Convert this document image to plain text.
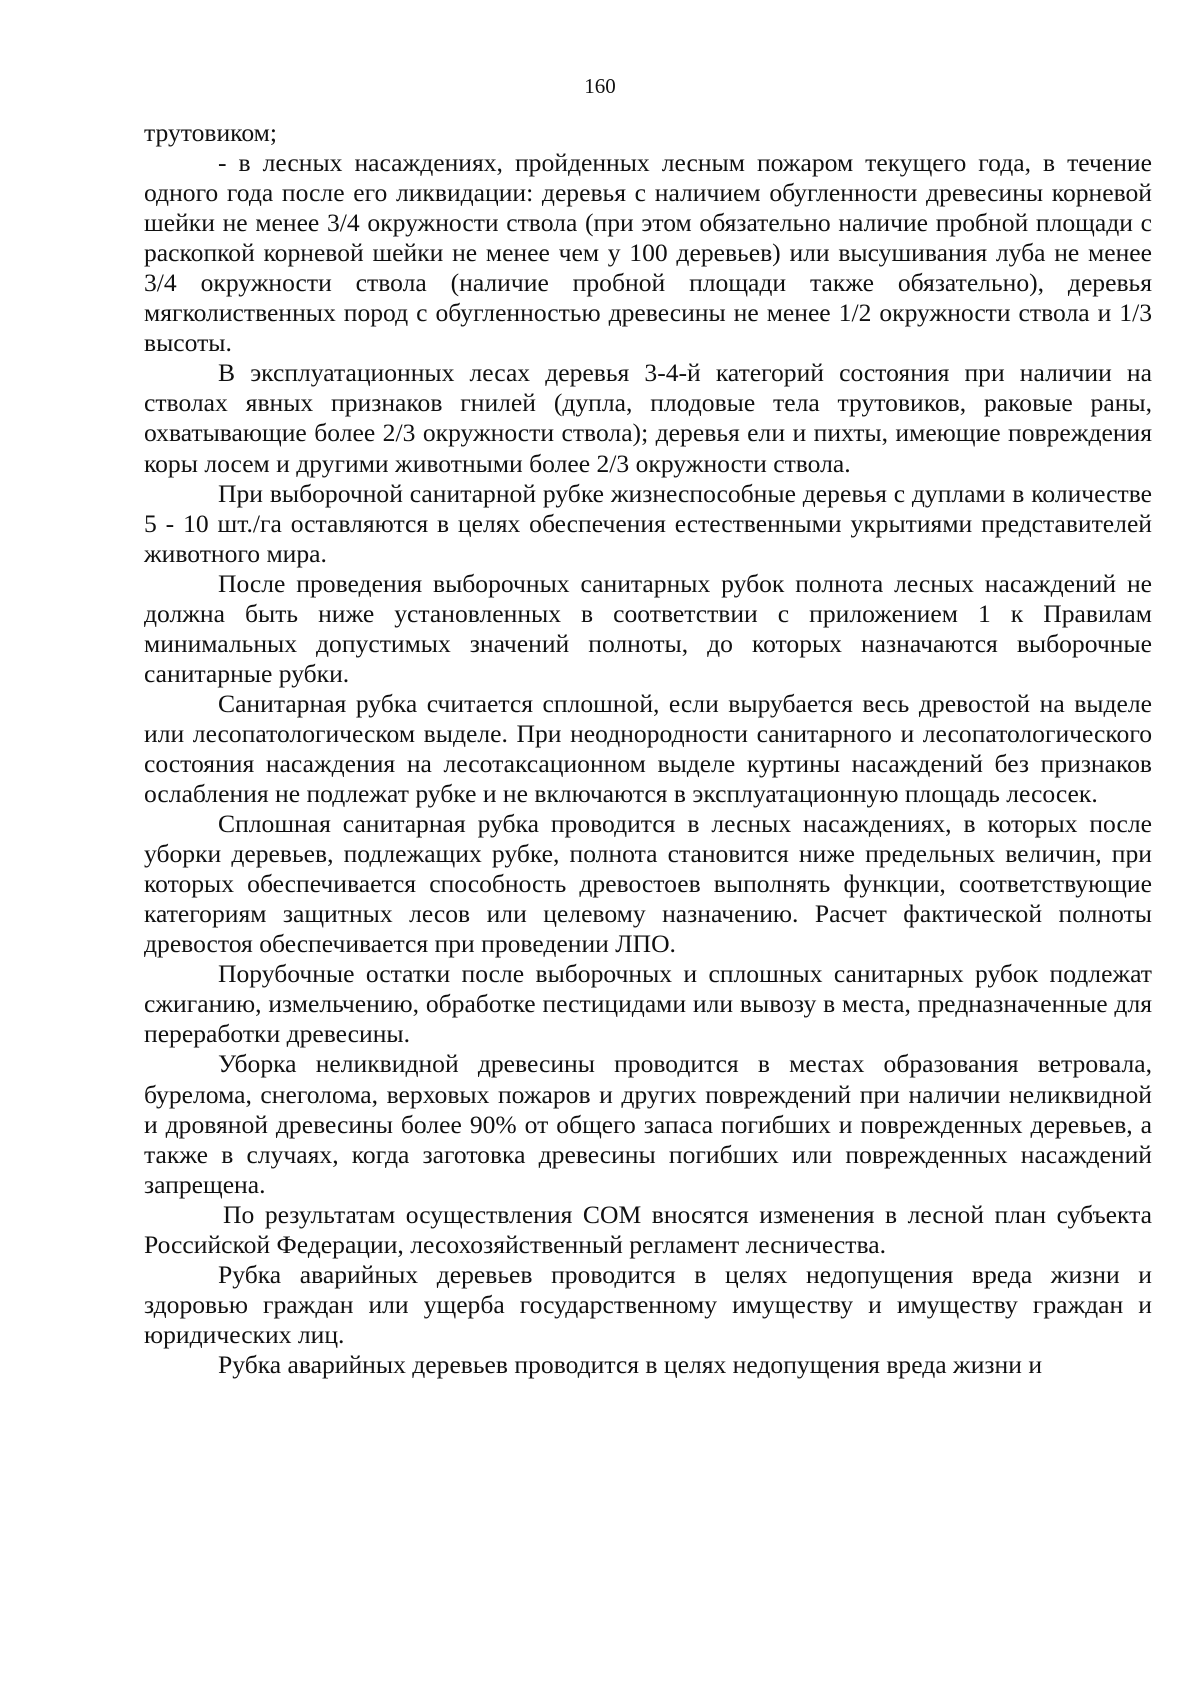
160

трутовиком;

- в лесных насаждениях, пройденных лесным пожаром текущего года, в течение одного года после его ликвидации: деревья с наличием обугленности древесины корневой шейки не менее 3/4 окружности ствола (при этом обязательно наличие пробной площади с раскопкой корневой шейки не менее чем у 100 деревьев) или высушивания луба не менее 3/4 окружности ствола (наличие пробной площади также обязательно), деревья мягколиственных пород с обугленностью древесины не менее 1/2 окружности ствола и 1/3 высоты.

В эксплуатационных лесах деревья 3-4-й категорий состояния при наличии на стволах явных признаков гнилей (дупла, плодовые тела трутовиков, раковые раны, охватывающие более 2/3 окружности ствола); деревья ели и пихты, имеющие повреждения коры лосем и другими животными более 2/3 окружности ствола.

При выборочной санитарной рубке жизнеспособные деревья с дуплами в количестве 5 - 10 шт./га оставляются в целях обеспечения естественными укрытиями представителей животного мира.

После проведения выборочных санитарных рубок полнота лесных насаждений не должна быть ниже установленных в соответствии с приложением 1 к Правилам минимальных допустимых значений полноты, до которых назначаются выборочные санитарные рубки.

Санитарная рубка считается сплошной, если вырубается весь древостой на выделе или лесопатологическом выделе. При неоднородности санитарного и лесопатологического состояния насаждения на лесотаксационном выделе куртины насаждений без признаков ослабления не подлежат рубке и не включаются в эксплуатационную площадь лесосек.

Сплошная санитарная рубка проводится в лесных насаждениях, в которых после уборки деревьев, подлежащих рубке, полнота становится ниже предельных величин, при которых обеспечивается способность древостоев выполнять функции, соответствующие категориям защитных лесов или целевому назначению. Расчет фактической полноты древостоя обеспечивается при проведении ЛПО.

Порубочные остатки после выборочных и сплошных санитарных рубок подлежат сжиганию, измельчению, обработке пестицидами или вывозу в места, предназначенные для переработки древесины.

Уборка неликвидной древесины проводится в местах образования ветровала, бурелома, снеголома, верховых пожаров и других повреждений при наличии неликвидной и дровяной древесины более 90% от общего запаса погибших и поврежденных деревьев, а также в случаях, когда заготовка древесины погибших или поврежденных насаждений запрещена.

По результатам осуществления СОМ вносятся изменения в лесной план субъекта Российской Федерации, лесохозяйственный регламент лесничества.

Рубка аварийных деревьев проводится в целях недопущения вреда жизни и здоровью граждан или ущерба государственному имуществу и имуществу граждан и юридических лиц.

Рубка аварийных деревьев проводится в целях недопущения вреда жизни и
